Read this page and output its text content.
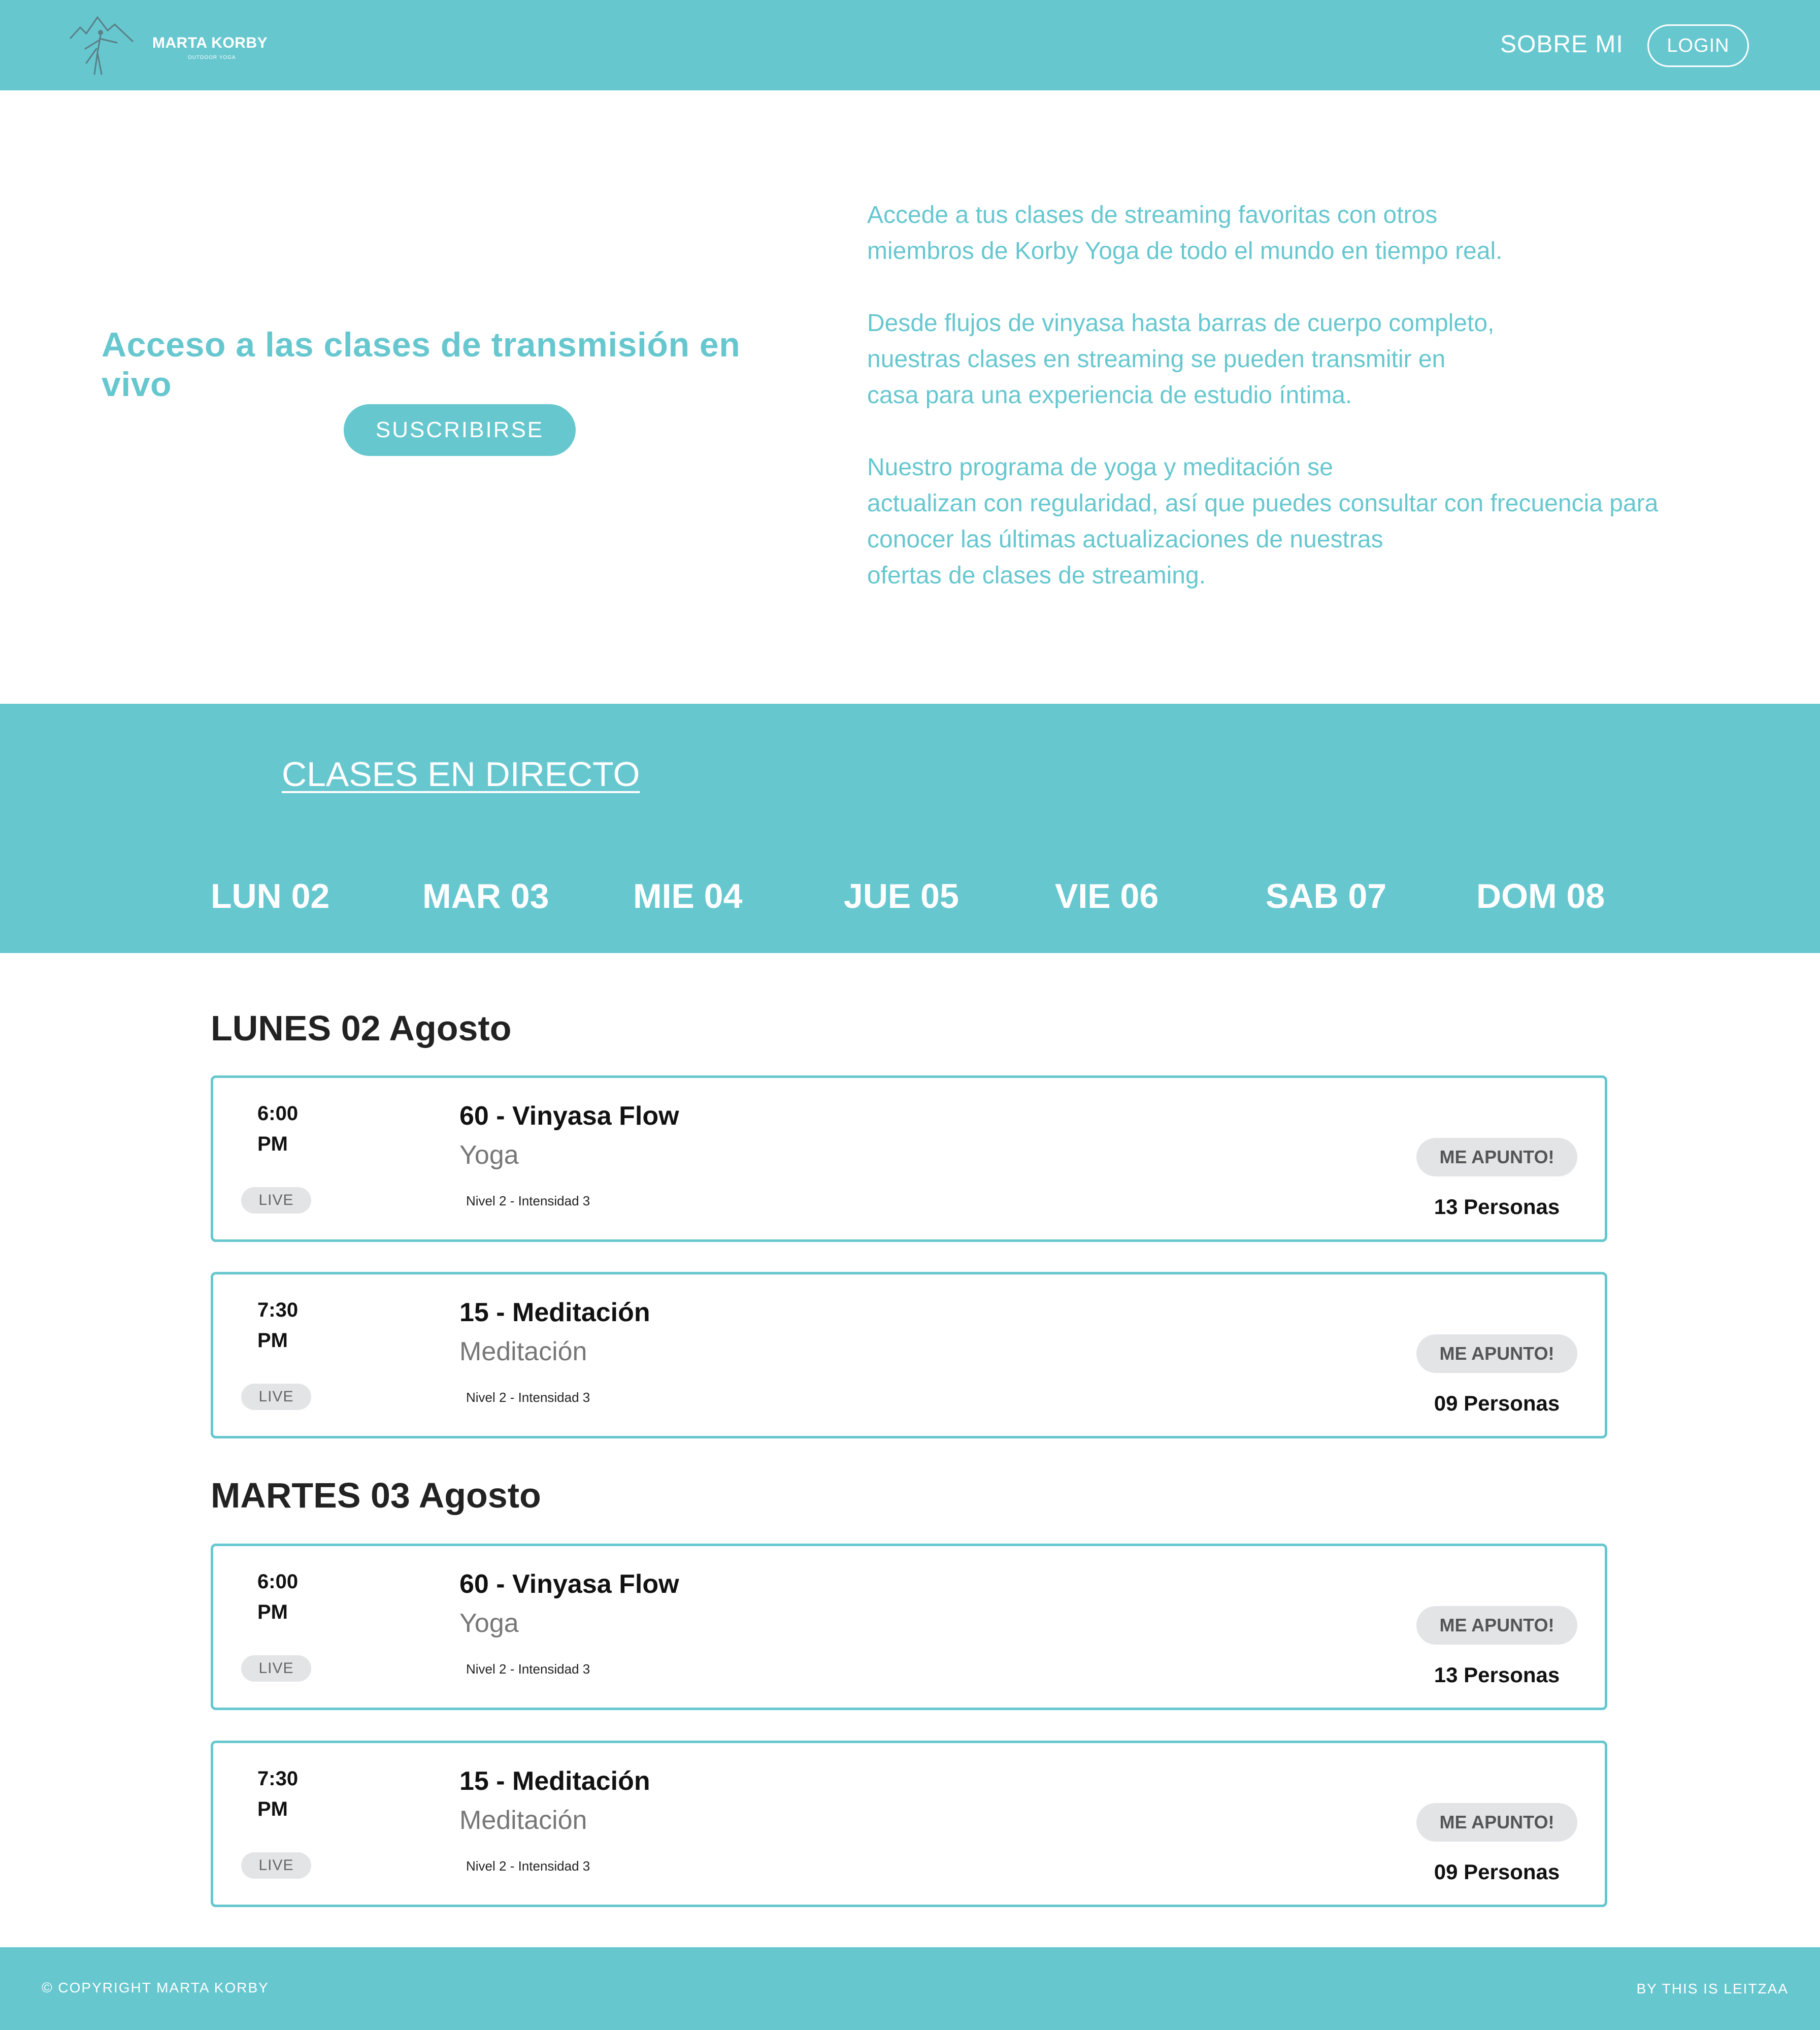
MARTA KORBY
OUTDOOR YOGA	SOBRE MI	LOGIN
Acceso a las clases de transmisión en vivo
SUSCRIBIRSE

Accede a tus clases de streaming favoritas con otros

miembros de Korby Yoga de todo el mundo en tiempo real.

Desde flujos de vinyasa hasta barras de cuerpo completo,

nuestras clases en streaming se pueden transmitir en

casa para una experiencia de estudio íntima.

Nuestro programa de yoga y meditación se

actualizan con regularidad, así que puedes consultar con frecuencia para

conocer las últimas actualizaciones de nuestras

ofertas de clases de streaming.

CLASES EN DIRECTO
LUN 02	MAR 03 MIE 04	JUE 05	VIE 06	SAB 07	DOM 08
LUNES 02 Agosto
6:00
PM
LIVE
60 - Vinyasa Flow
Yoga
Nivel 2 - Intensidad 3
ME APUNTO!
13 Personas
7:30
PM
LIVE
15 - Meditación
Meditación
Nivel 2 - Intensidad 3
ME APUNTO!
09 Personas
MARTES 03 Agosto
6:00
PM
LIVE
60 - Vinyasa Flow
Yoga
Nivel 2 - Intensidad 3
ME APUNTO!
13 Personas
7:30
PM
LIVE
15 - Meditación
Meditación
Nivel 2 - Intensidad 3
ME APUNTO!
09 Personas
© COPYRIGHT MARTA KORBY	BY THIS IS LEITZAA
